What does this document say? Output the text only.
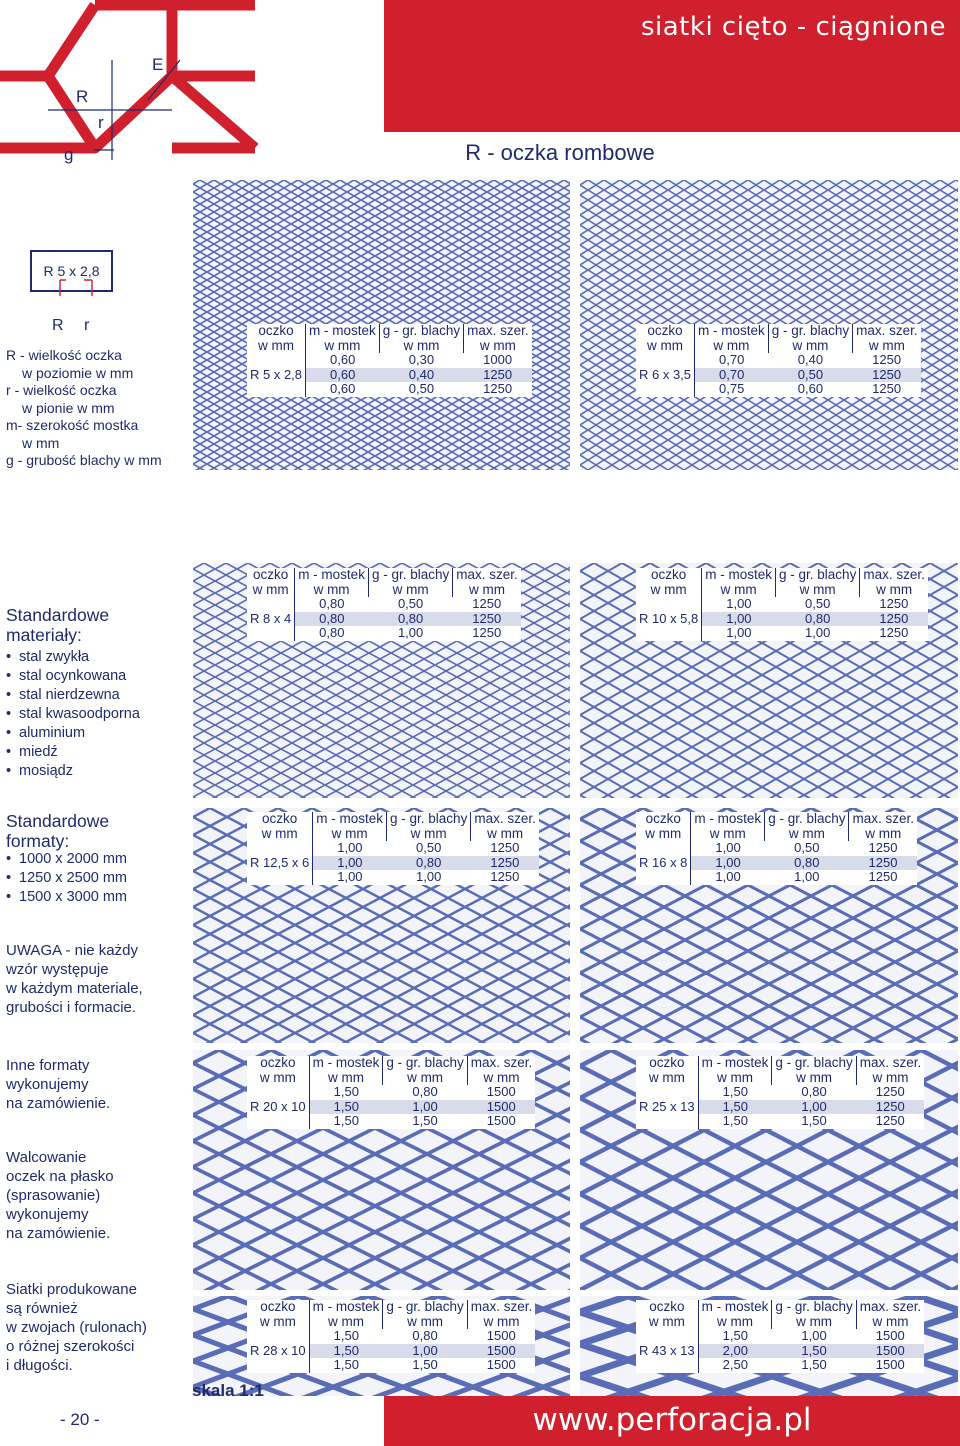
siatki cięto - ciągnione
R - oczka rombowe
R
r
E
g
R 5 x 2,8
R r
R - wielkość oczka
w poziomie w mm
r - wielkość oczka
w pionie w mm
m- szerokość mostka
w mm
g - grubość blachy w mm
Standardowe
materiały:
• stal zwykła
• stal ocynkowana
• stal nierdzewna
• stal kwasoodporna
• aluminium
• miedź
• mosiądz
Standardowe
formaty:
• 1000 x 2000 mm
• 1250 x 2500 mm
• 1500 x 3000 mm
UWAGA - nie każdy
wzór występuje
w każdym materiale,
grubości i formacie.
Inne formaty
wykonujemy
na zamówienie.
Walcowanie
oczek na płasko
(sprasowanie)
wykonujemy
na zamówienie.
Siatki produkowane
są również
w zwojach (rulonach)
o różnej szerokości
i długości.
oczko
w mm	m - mostek
w mm	g - gr. blachy
w mm	max. szer.
w mm
R 5 x 2,8	0,60	0,30	1000
	0,60	0,40	1250
	0,60	0,50	1250
oczko
w mm	m - mostek
w mm	g - gr. blachy
w mm	max. szer.
w mm
R 6 x 3,5	0,70	0,40	1250
	0,70	0,50	1250
	0,75	0,60	1250
oczko
w mm	m - mostek
w mm	g - gr. blachy
w mm	max. szer.
w mm
R 8 x 4	0,80	0,50	1250
	0,80	0,80	1250
	0,80	1,00	1250
oczko
w mm	m - mostek
w mm	g - gr. blachy
w mm	max. szer.
w mm
R 10 x 5,8	1,00	0,50	1250
	1,00	0,80	1250
	1,00	1,00	1250
oczko
w mm	m - mostek
w mm	g - gr. blachy
w mm	max. szer.
w mm
R 12,5 x 6	1,00	0,50	1250
	1,00	0,80	1250
	1,00	1,00	1250
oczko
w mm	m - mostek
w mm	g - gr. blachy
w mm	max. szer.
w mm
R 16 x 8	1,00	0,50	1250
	1,00	0,80	1250
	1,00	1,00	1250
oczko
w mm	m - mostek
w mm	g - gr. blachy
w mm	max. szer.
w mm
R 20 x 10	1,50	0,80	1500
	1,50	1,00	1500
	1,50	1,50	1500
oczko
w mm	m - mostek
w mm	g - gr. blachy
w mm	max. szer.
w mm
R 25 x 13	1,50	0,80	1250
	1,50	1,00	1250
	1,50	1,50	1250
oczko
w mm	m - mostek
w mm	g - gr. blachy
w mm	max. szer.
w mm
R 28 x 10	1,50	0,80	1500
	1,50	1,00	1500
	1,50	1,50	1500
oczko
w mm	m - mostek
w mm	g - gr. blachy
w mm	max. szer.
w mm
R 43 x 13	1,50	1,00	1500
	2,00	1,50	1500
	2,50	1,50	1500
- 20 -
skala 1:1
www.perforacja.pl
